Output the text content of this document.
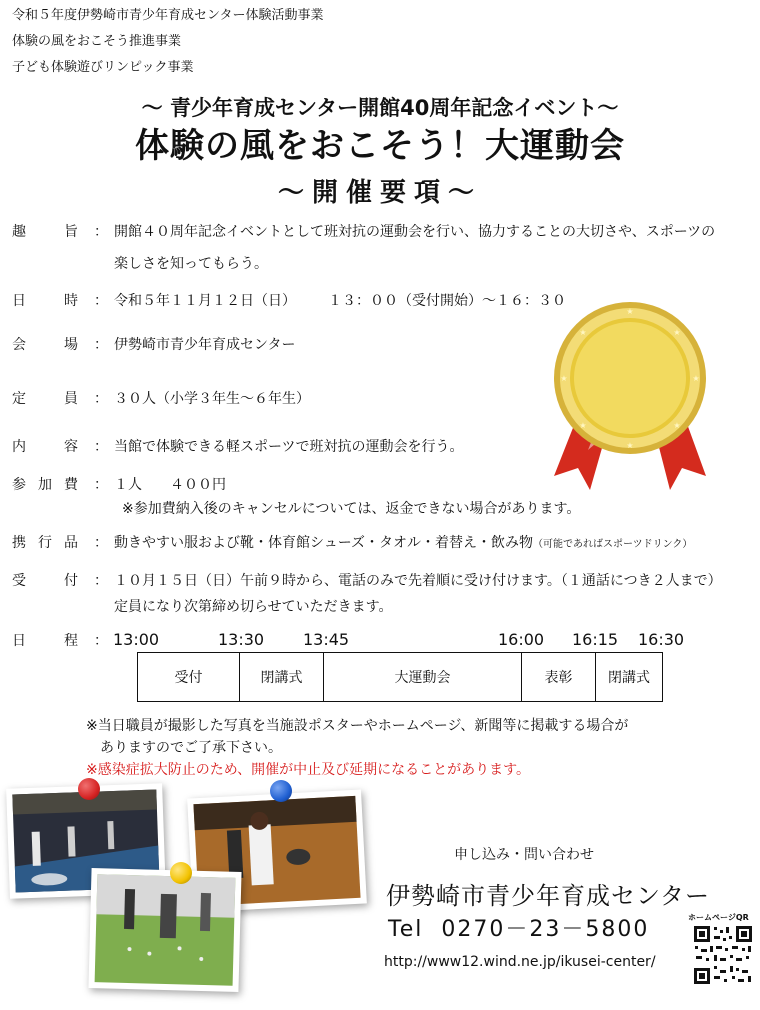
令和５年度伊勢崎市青少年育成センター体験活動事業
体験の風をおこそう推進事業
子ども体験遊びリンピック事業
～ 青少年育成センター開館40周年記念イベント～
体験の風をおこそう！大運動会
～開催要項～
★
★
★	★
★	★
★	★
趣旨 ： 開館４０周年記念イベントとして班対抗の運動会を行い、協力することの大切さや、スポーツの
楽しさを知ってもらう。
日時 ： 令和５年１１月１２日（日）	１３：００（受付開始）～１６：３０
会場 ： 伊勢崎市青少年育成センター
定員 ： ３０人（小学３年生～６年生）
内容 ： 当館で体験できる軽スポーツで班対抗の運動会を行う。
参加費 ： １人　　４００円
※参加費納入後のキャンセルについては、返金できない場合があります。
携行品 ： 動きやすい服および靴・体育館シューズ・タオル・着替え・飲み物（可能であればスポーツドリンク）
受付 ： １０月１５日（日）午前９時から、電話のみで先着順に受け付けます。（１通話につき２人まで）
定員になり次第締め切らせていただきます。
日程 ： 13:00	13:30 13:45	16:00 16:15 16:30
受付	閉講式	大運動会	表彰	閉講式
※当日職員が撮影した写真を当施設ポスターやホームページ、新聞等に掲載する場合が
ありますのでご了承下さい。
※感染症拡大防止のため、開催が中止及び延期になることがあります。
申し込み・問い合わせ
伊勢崎市青少年育成センター
Tel 0270－23－5800
http://www12.wind.ne.jp/ikusei-center/
ホームページQR
